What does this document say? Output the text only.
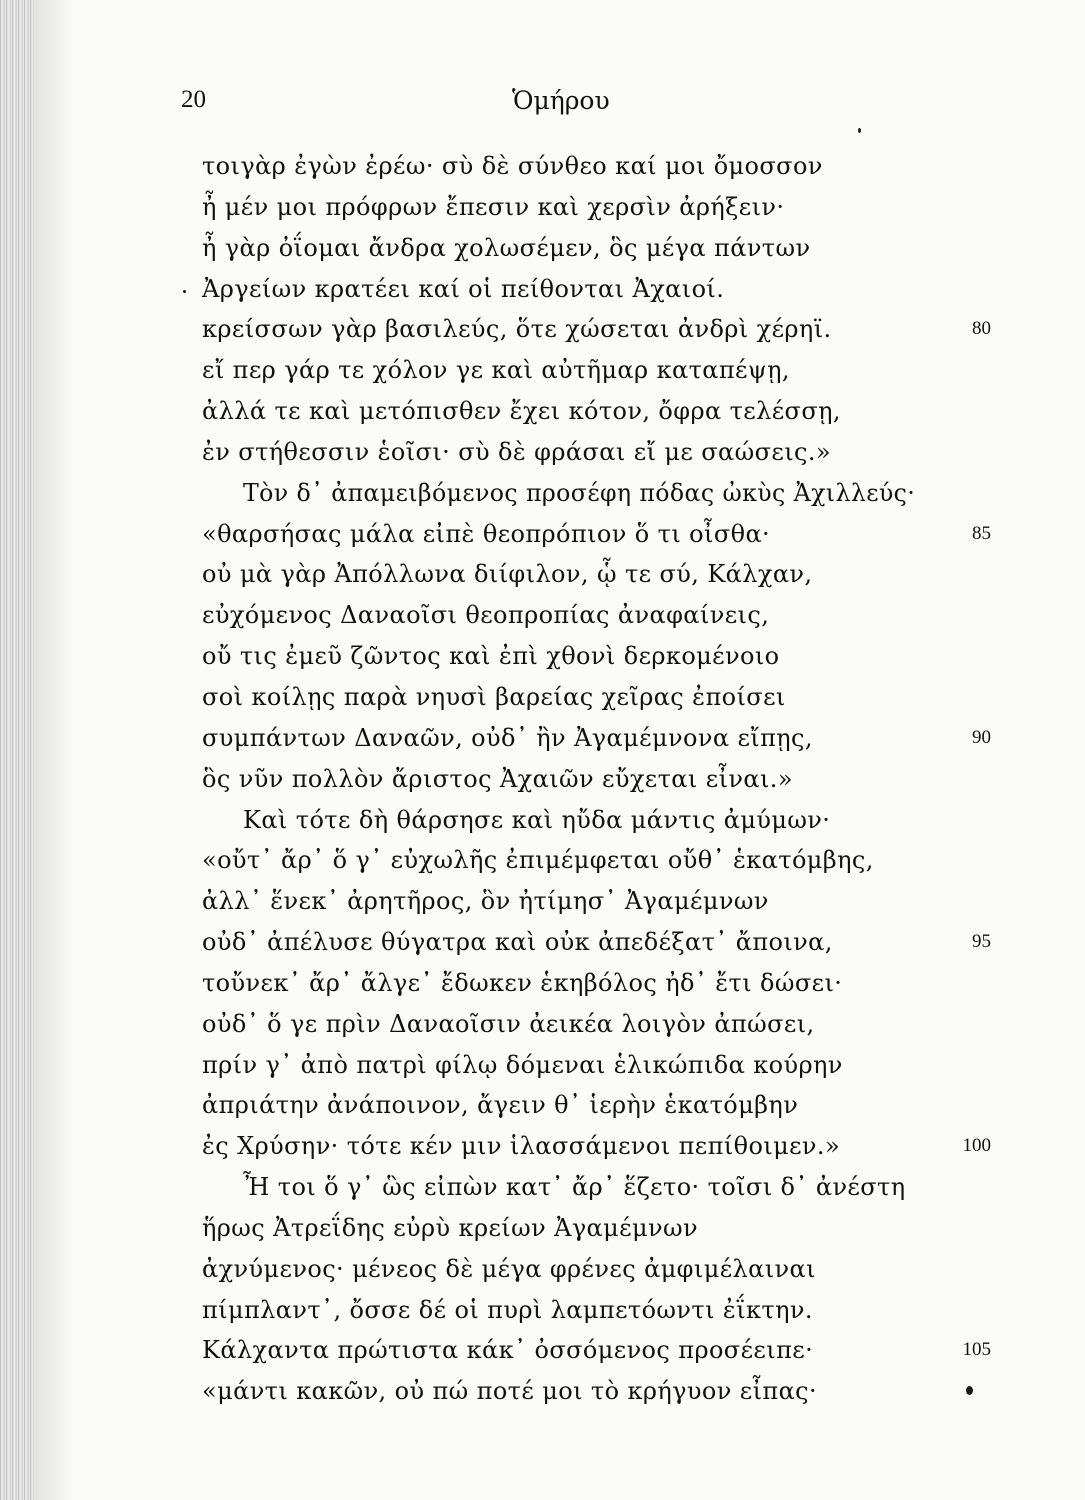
20	Ὁμήρου
τοιγὰρ ἐγὼν ἐρέω· σὺ δὲ σύνθεο καί μοι ὄμοσσον
ἦ μέν μοι πρόφρων ἔπεσιν καὶ χερσὶν ἀρήξειν·
ἦ γὰρ ὀΐομαι ἄνδρα χολωσέμεν, ὃς μέγα πάντων
Ἀργείων κρατέει καί οἱ πείθονται Ἀχαιοί.
κρείσσων γὰρ βασιλεύς, ὅτε χώσεται ἀνδρὶ χέρηϊ.	80
εἴ περ γάρ τε χόλον γε καὶ αὐτῆμαρ καταπέψῃ,
ἀλλά τε καὶ μετόπισθεν ἔχει κότον, ὄφρα τελέσσῃ,
ἐν στήθεσσιν ἑοῖσι· σὺ δὲ φράσαι εἴ με σαώσεις.»
Τὸν δ᾽ ἀπαμειβόμενος προσέφη πόδας ὠκὺς Ἀχιλλεύς·
«θαρσήσας μάλα εἰπὲ θεοπρόπιον ὅ τι οἶσθα·	85
οὐ μὰ γὰρ Ἀπόλλωνα διίφιλον, ᾧ τε σύ, Κάλχαν,
εὐχόμενος Δαναοῖσι θεοπροπίας ἀναφαίνεις,
οὔ τις ἐμεῦ ζῶντος καὶ ἐπὶ χθονὶ δερκομένοιο
σοὶ κοίλῃς παρὰ νηυσὶ βαρείας χεῖρας ἐποίσει
συμπάντων Δαναῶν, οὐδ᾽ ἢν Ἀγαμέμνονα εἴπῃς,	90
ὃς νῦν πολλὸν ἄριστος Ἀχαιῶν εὔχεται εἶναι.»
Καὶ τότε δὴ θάρσησε καὶ ηὔδα μάντις ἀμύμων·
«οὔτ᾽ ἄρ᾽ ὅ γ᾽ εὐχωλῆς ἐπιμέμφεται οὔθ᾽ ἑκατόμβης,
ἀλλ᾽ ἕνεκ᾽ ἀρητῆρος, ὃν ἠτίμησ᾽ Ἀγαμέμνων
οὐδ᾽ ἀπέλυσε θύγατρα καὶ οὐκ ἀπεδέξατ᾽ ἄποινα,	95
τοὔνεκ᾽ ἄρ᾽ ἄλγε᾽ ἔδωκεν ἑκηβόλος ἠδ᾽ ἔτι δώσει·
οὐδ᾽ ὅ γε πρὶν Δαναοῖσιν ἀεικέα λοιγὸν ἀπώσει,
πρίν γ᾽ ἀπὸ πατρὶ φίλῳ δόμεναι ἑλικώπιδα κούρην
ἀπριάτην ἀνάποινον, ἄγειν θ᾽ ἱερὴν ἑκατόμβην
ἐς Χρύσην· τότε κέν μιν ἱλασσάμενοι πεπίθοιμεν.»	100
Ἦ τοι ὅ γ᾽ ὣς εἰπὼν κατ᾽ ἄρ᾽ ἕζετο· τοῖσι δ᾽ ἀνέστη
ἥρως Ἀτρεΐδης εὐρὺ κρείων Ἀγαμέμνων
ἀχνύμενος· μένεος δὲ μέγα φρένες ἀμφιμέλαιναι
πίμπλαντ᾽, ὄσσε δέ οἱ πυρὶ λαμπετόωντι ἐΐκτην.
Κάλχαντα πρώτιστα κάκ᾽ ὀσσόμενος προσέειπε·	105
«μάντι κακῶν, οὐ πώ ποτέ μοι τὸ κρήγυον εἶπας·
